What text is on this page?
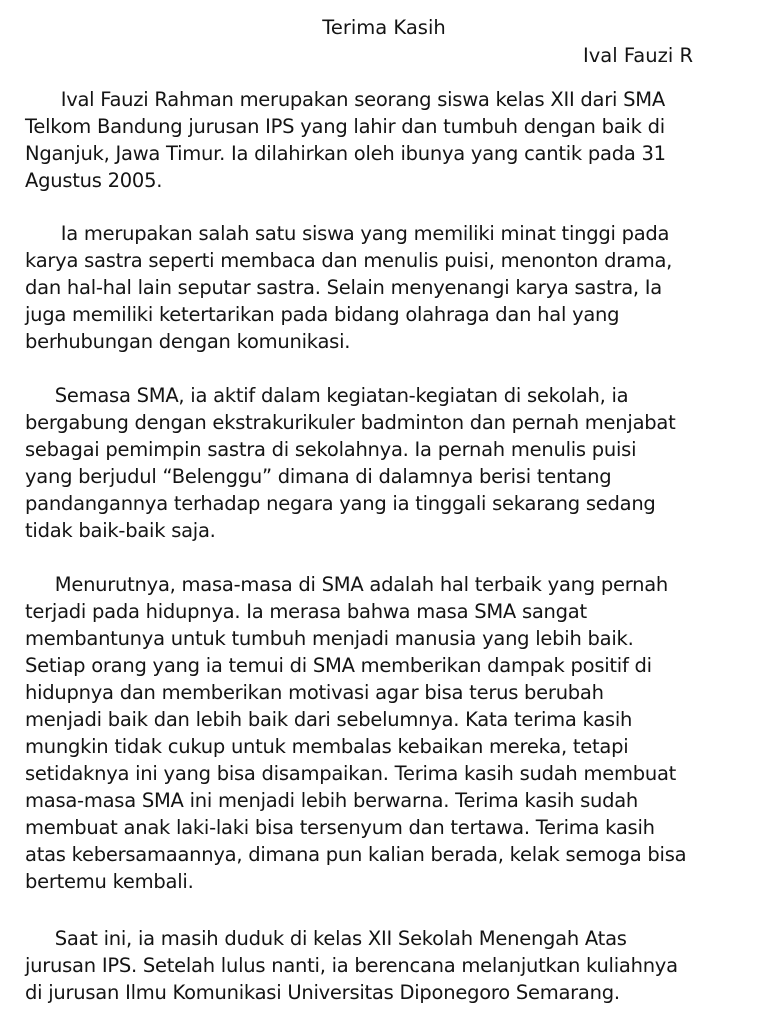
Terima Kasih

Ival Fauzi R

Ival Fauzi Rahman merupakan seorang siswa kelas XII dari SMA
Telkom Bandung jurusan IPS yang lahir dan tumbuh dengan baik di
Nganjuk, Jawa Timur. Ia dilahirkan oleh ibunya yang cantik pada 31
Agustus 2005.

Ia merupakan salah satu siswa yang memiliki minat tinggi pada
karya sastra seperti membaca dan menulis puisi, menonton drama,
dan hal-hal lain seputar sastra. Selain menyenangi karya sastra, Ia
juga memiliki ketertarikan pada bidang olahraga dan hal yang
berhubungan dengan komunikasi.

Semasa SMA, ia aktif dalam kegiatan-kegiatan di sekolah, ia
bergabung dengan ekstrakurikuler badminton dan pernah menjabat
sebagai pemimpin sastra di sekolahnya. Ia pernah menulis puisi
yang berjudul “Belenggu” dimana di dalamnya berisi tentang
pandangannya terhadap negara yang ia tinggali sekarang sedang
tidak baik-baik saja.

Menurutnya, masa-masa di SMA adalah hal terbaik yang pernah
terjadi pada hidupnya. Ia merasa bahwa masa SMA sangat
membantunya untuk tumbuh menjadi manusia yang lebih baik.
Setiap orang yang ia temui di SMA memberikan dampak positif di
hidupnya dan memberikan motivasi agar bisa terus berubah
menjadi baik dan lebih baik dari sebelumnya. Kata terima kasih
mungkin tidak cukup untuk membalas kebaikan mereka, tetapi
setidaknya ini yang bisa disampaikan. Terima kasih sudah membuat
masa-masa SMA ini menjadi lebih berwarna. Terima kasih sudah
membuat anak laki-laki bisa tersenyum dan tertawa. Terima kasih
atas kebersamaannya, dimana pun kalian berada, kelak semoga bisa
bertemu kembali.

Saat ini, ia masih duduk di kelas XII Sekolah Menengah Atas
jurusan IPS. Setelah lulus nanti, ia berencana melanjutkan kuliahnya
di jurusan Ilmu Komunikasi Universitas Diponegoro Semarang.
